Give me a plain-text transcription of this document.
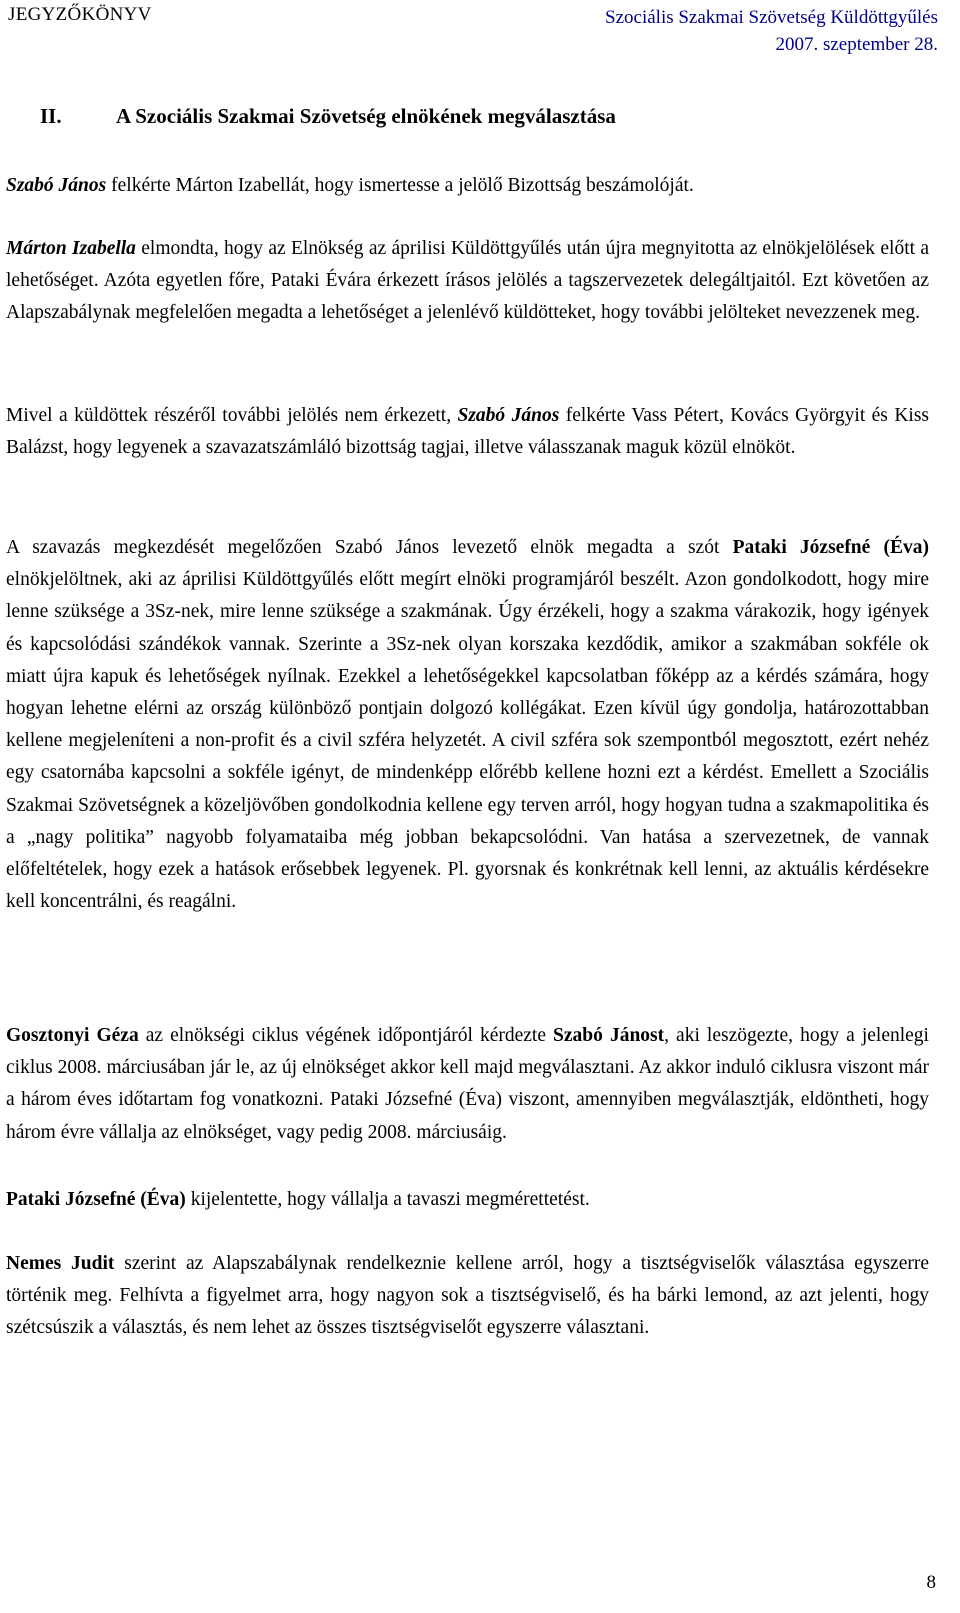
JEGYZŐKÖNYV	Szociális Szakmai Szövetség Küldöttgyűlés
2007. szeptember 28.
II.	A Szociális Szakmai Szövetség elnökének megválasztása
Szabó János felkérte Márton Izabellát, hogy ismertesse a jelölő Bizottság beszámolóját.
Márton Izabella elmondta, hogy az Elnökség az áprilisi Küldöttgyűlés után újra megnyitotta az elnökjelölések előtt a lehetőséget. Azóta egyetlen főre, Pataki Évára érkezett írásos jelölés a tagszervezetek delegáltjaitól. Ezt követően az Alapszabálynak megfelelően megadta a lehetőséget a jelenlévő küldötteket, hogy további jelölteket nevezzenek meg.
Mivel a küldöttek részéről további jelölés nem érkezett, Szabó János felkérte Vass Pétert, Kovács Györgyit és Kiss Balázst, hogy legyenek a szavazatszámláló bizottság tagjai, illetve válasszanak maguk közül elnököt.
A szavazás megkezdését megelőzően Szabó János levezető elnök megadta a szót Pataki Józsefné (Éva) elnökjelöltnek, aki az áprilisi Küldöttgyűlés előtt megírt elnöki programjáról beszélt. Azon gondolkodott, hogy mire lenne szüksége a 3Sz-nek, mire lenne szüksége a szakmának. Úgy érzékeli, hogy a szakma várakozik, hogy igények és kapcsolódási szándékok vannak. Szerinte a 3Sz-nek olyan korszaka kezdődik, amikor a szakmában sokféle ok miatt újra kapuk és lehetőségek nyílnak. Ezekkel a lehetőségekkel kapcsolatban főképp az a kérdés számára, hogy hogyan lehetne elérni az ország különböző pontjain dolgozó kollégákat. Ezen kívül úgy gondolja, határozottabban kellene megjeleníteni a non-profit és a civil szféra helyzetét. A civil szféra sok szempontból megosztott, ezért nehéz egy csatornába kapcsolni a sokféle igényt, de mindenképp előrébb kellene hozni ezt a kérdést. Emellett a Szociális Szakmai Szövetségnek a közeljövőben gondolkodnia kellene egy terven arról, hogy hogyan tudna a szakmapolitika és a „nagy politika” nagyobb folyamataiba még jobban bekapcsolódni. Van hatása a szervezetnek, de vannak előfeltételek, hogy ezek a hatások erősebbek legyenek. Pl. gyorsnak és konkrétnak kell lenni, az aktuális kérdésekre kell koncentrálni, és reagálni.
Gosztonyi Géza az elnökségi ciklus végének időpontjáról kérdezte Szabó Jánost, aki leszögezte, hogy a jelenlegi ciklus 2008. márciusában jár le, az új elnökséget akkor kell majd megválasztani. Az akkor induló ciklusra viszont már a három éves időtartam fog vonatkozni. Pataki Józsefné (Éva) viszont, amennyiben megválasztják, eldöntheti, hogy három évre vállalja az elnökséget, vagy pedig 2008. márciusáig.
Pataki Józsefné (Éva) kijelentette, hogy vállalja a tavaszi megmérettetést.
Nemes Judit szerint az Alapszabálynak rendelkeznie kellene arról, hogy a tisztségviselők választása egyszerre történik meg. Felhívta a figyelmet arra, hogy nagyon sok a tisztségviselő, és ha bárki lemond, az azt jelenti, hogy szétcsúszik a választás, és nem lehet az összes tisztségviselőt egyszerre választani.
8
